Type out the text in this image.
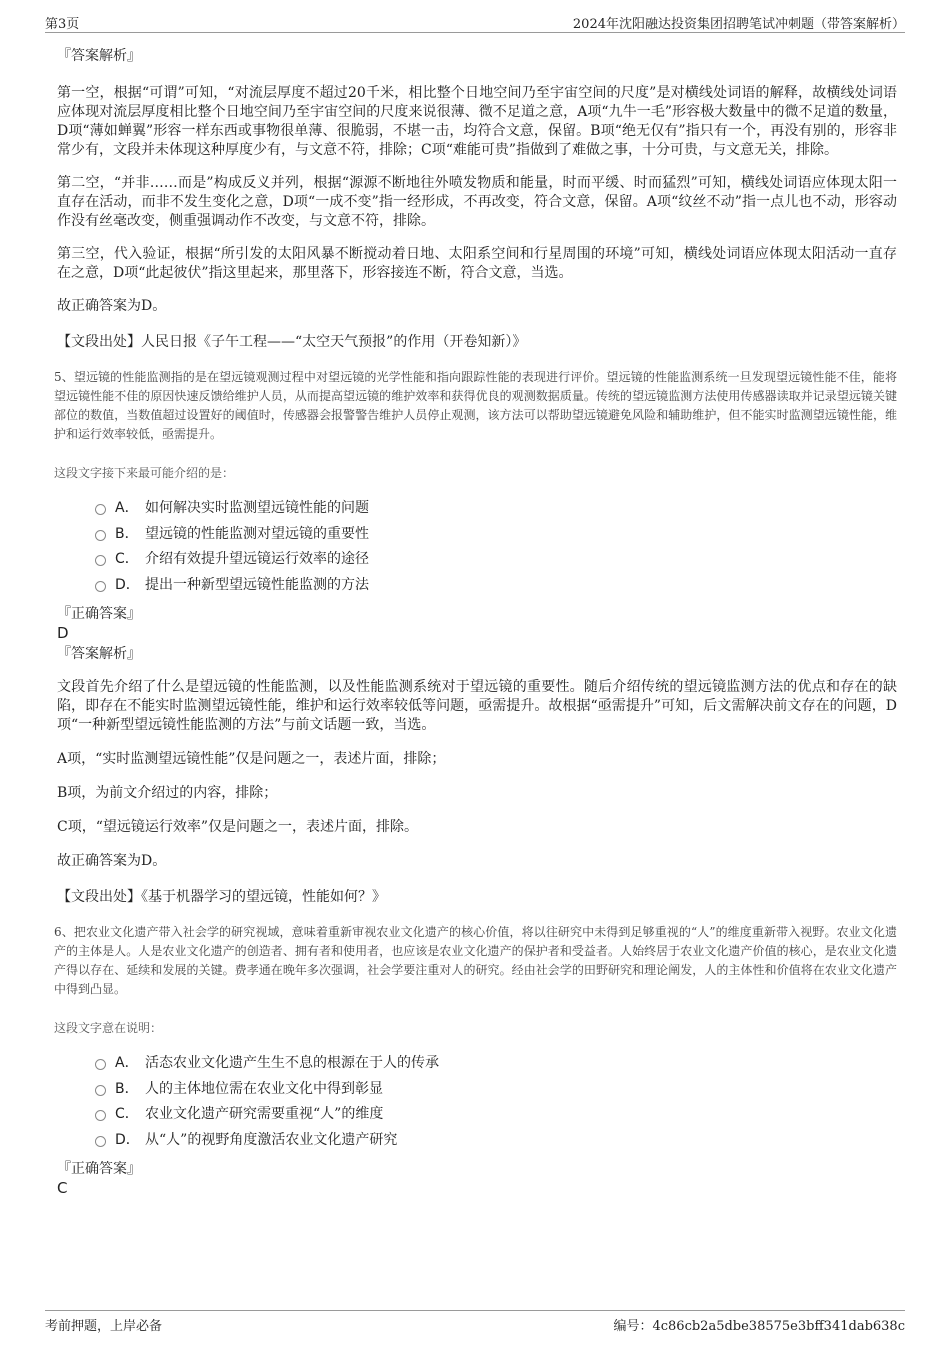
第3页	2024年沈阳融达投资集团招聘笔试冲刺题（带答案解析）

『答案解析』

第一空，根据“可谓”可知，“对流层厚度不超过20千米，相比整个日地空间乃至宇宙空间的尺度”是对横线处词语的解释，故横线处词语应体现对流层厚度相比整个日地空间乃至宇宙空间的尺度来说很薄、微不足道之意，A项“九牛一毛”形容极大数量中的微不足道的数量，D项“薄如蝉翼”形容一样东西或事物很单薄、很脆弱，不堪一击，均符合文意，保留。B项“绝无仅有”指只有一个，再没有别的，形容非常少有，文段并未体现这种厚度少有，与文意不符，排除；C项“难能可贵”指做到了难做之事，十分可贵，与文意无关，排除。

第二空，“并非……而是”构成反义并列，根据“源源不断地往外喷发物质和能量，时而平缓、时而猛烈”可知，横线处词语应体现太阳一直存在活动，而非不发生变化之意，D项“一成不变”指一经形成，不再改变，符合文意，保留。A项“纹丝不动”指一点儿也不动，形容动作没有丝毫改变，侧重强调动作不改变，与文意不符，排除。

第三空，代入验证，根据“所引发的太阳风暴不断搅动着日地、太阳系空间和行星周围的环境”可知，横线处词语应体现太阳活动一直存在之意，D项“此起彼伏”指这里起来，那里落下，形容接连不断，符合文意，当选。

故正确答案为D。

【文段出处】人民日报《子午工程——“太空天气预报”的作用（开卷知新）》

5、望远镜的性能监测指的是在望远镜观测过程中对望远镜的光学性能和指向跟踪性能的表现进行评价。望远镜的性能监测系统一旦发现望远镜性能不佳，能将望远镜性能不佳的原因快速反馈给维护人员，从而提高望远镜的维护效率和获得优良的观测数据质量。传统的望远镜监测方法使用传感器读取并记录望远镜关键部位的数值，当数值超过设置好的阈值时，传感器会报警警告维护人员停止观测，该方法可以帮助望远镜避免风险和辅助维护，但不能实时监测望远镜性能，维护和运行效率较低，亟需提升。

这段文字接下来最可能介绍的是：

A． 如何解决实时监测望远镜性能的问题
B． 望远镜的性能监测对望远镜的重要性
C． 介绍有效提升望远镜运行效率的途径
D． 提出一种新型望远镜性能监测的方法

『正确答案』

D

『答案解析』

文段首先介绍了什么是望远镜的性能监测，以及性能监测系统对于望远镜的重要性。随后介绍传统的望远镜监测方法的优点和存在的缺陷，即存在不能实时监测望远镜性能，维护和运行效率较低等问题，亟需提升。故根据“亟需提升”可知，后文需解决前文存在的问题，D项“一种新型望远镜性能监测的方法”与前文话题一致，当选。

A项，“实时监测望远镜性能”仅是问题之一，表述片面，排除；

B项，为前文介绍过的内容，排除；

C项，“望远镜运行效率”仅是问题之一，表述片面，排除。

故正确答案为D。

【文段出处】《基于机器学习的望远镜，性能如何？》

6、把农业文化遗产带入社会学的研究视域，意味着重新审视农业文化遗产的核心价值，将以往研究中未得到足够重视的“人”的维度重新带入视野。农业文化遗产的主体是人。人是农业文化遗产的创造者、拥有者和使用者，也应该是农业文化遗产的保护者和受益者。人始终居于农业文化遗产价值的核心，是农业文化遗产得以存在、延续和发展的关键。费孝通在晚年多次强调，社会学要注重对人的研究。经由社会学的田野研究和理论阐发，人的主体性和价值将在农业文化遗产中得到凸显。

这段文字意在说明：

A． 活态农业文化遗产生生不息的根源在于人的传承
B． 人的主体地位需在农业文化中得到彰显
C． 农业文化遗产研究需要重视“人”的维度
D． 从“人”的视野角度激活农业文化遗产研究

『正确答案』

C

考前押题，上岸必备	编号：4c86cb2a5dbe38575e3bff341dab638c
